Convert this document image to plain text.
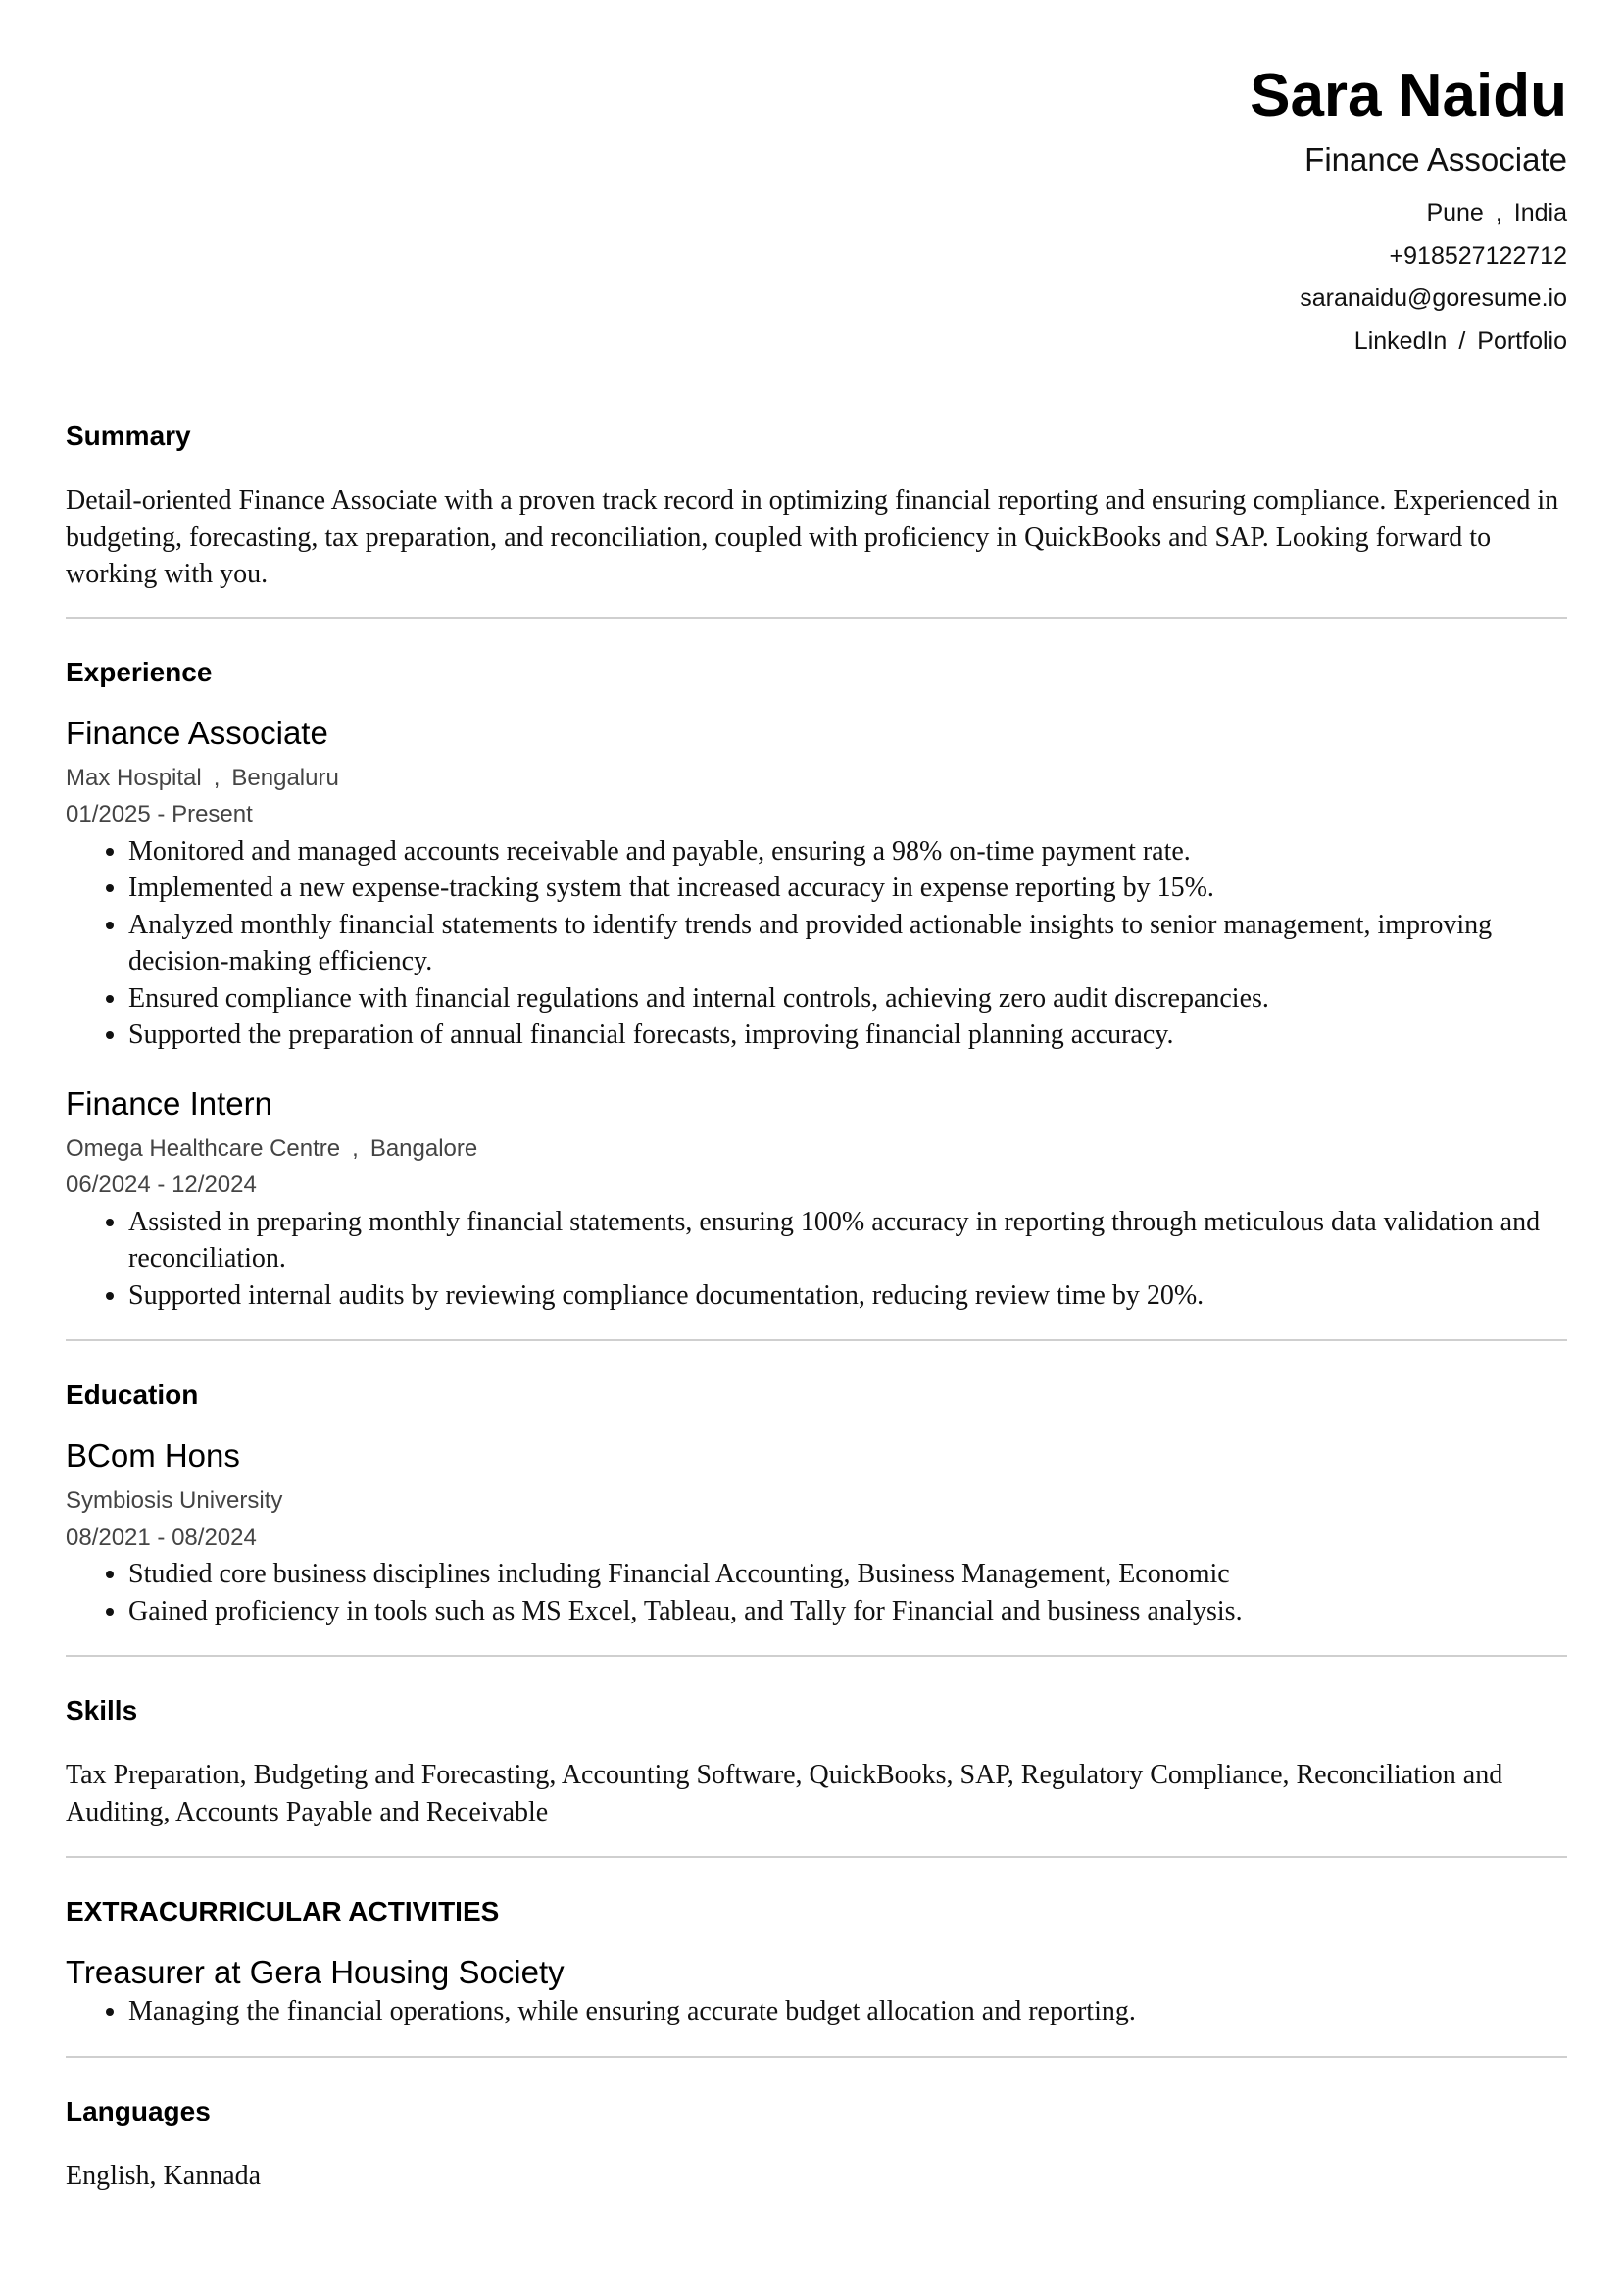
Sara Naidu
Finance Associate
Pune , India
+918527122712
saranaidu@goresume.io
LinkedIn / Portfolio
Summary
Detail-oriented Finance Associate with a proven track record in optimizing financial reporting and ensuring compliance. Experienced in budgeting, forecasting, tax preparation, and reconciliation, coupled with proficiency in QuickBooks and SAP. Looking forward to working with you.
Experience
Finance Associate
Max Hospital , Bengaluru
01/2025 - Present
• Monitored and managed accounts receivable and payable, ensuring a 98% on-time payment rate.
• Implemented a new expense-tracking system that increased accuracy in expense reporting by 15%.
• Analyzed monthly financial statements to identify trends and provided actionable insights to senior management, improving decision-making efficiency.
• Ensured compliance with financial regulations and internal controls, achieving zero audit discrepancies.
• Supported the preparation of annual financial forecasts, improving financial planning accuracy.
Finance Intern
Omega Healthcare Centre , Bangalore
06/2024 - 12/2024
• Assisted in preparing monthly financial statements, ensuring 100% accuracy in reporting through meticulous data validation and reconciliation.
• Supported internal audits by reviewing compliance documentation, reducing review time by 20%.
Education
BCom Hons
Symbiosis University
08/2021 - 08/2024
• Studied core business disciplines including Financial Accounting, Business Management, Economic
• Gained proficiency in tools such as MS Excel, Tableau, and Tally for Financial and business analysis.
Skills
Tax Preparation, Budgeting and Forecasting, Accounting Software, QuickBooks, SAP, Regulatory Compliance, Reconciliation and Auditing, Accounts Payable and Receivable
EXTRACURRICULAR ACTIVITIES
Treasurer at Gera Housing Society
• Managing the financial operations, while ensuring accurate budget allocation and reporting.
Languages
English, Kannada
